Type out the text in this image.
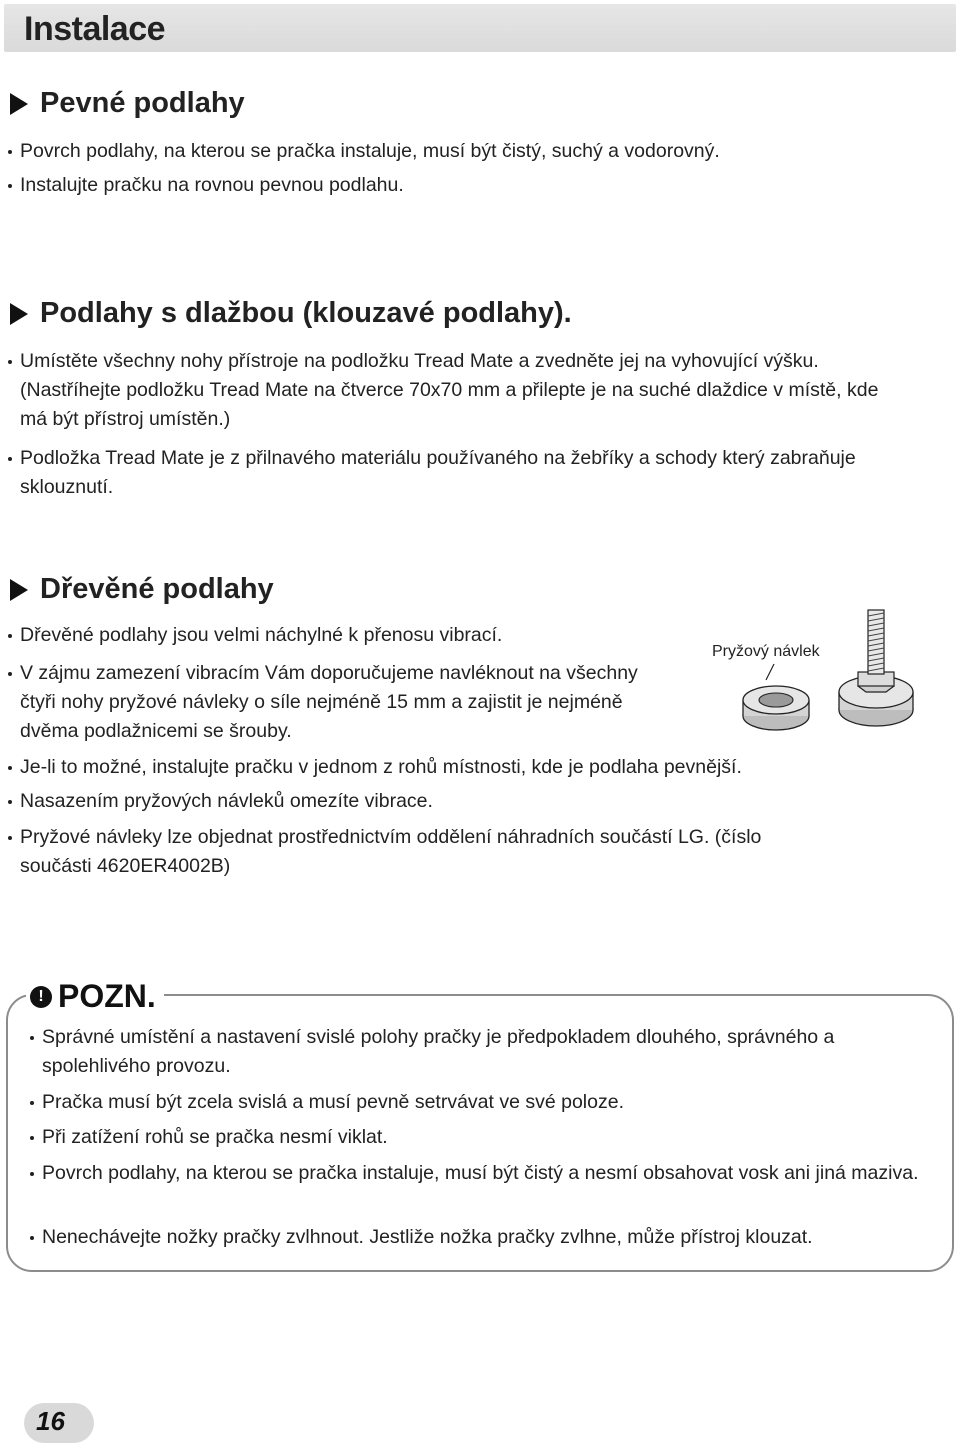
Instalace
Pevné podlahy
Povrch podlahy, na kterou se pračka instaluje, musí být čistý, suchý a vodorovný.
Instalujte pračku na rovnou pevnou podlahu.
Podlahy s dlažbou (klouzavé podlahy).
Umístěte všechny nohy přístroje na podložku Tread Mate a zvedněte jej na vyhovující výšku. (Nastříhejte podložku Tread Mate na čtverce 70x70 mm a přilepte je na suché dlaždice v místě, kde má být přístroj umístěn.)
Podložka Tread Mate je z přilnavého materiálu používaného na žebříky a schody který zabraňuje sklouznutí.
Dřevěné podlahy
Dřevěné podlahy jsou velmi náchylné k přenosu vibrací.
V zájmu zamezení vibracím Vám doporučujeme navléknout na všechny čtyři nohy pryžové návleky o síle nejméně 15 mm a zajistit je nejméně dvěma podlažnicemi se šrouby.
Je-li to možné, instalujte pračku v jednom z rohů místnosti, kde je podlaha pevnější.
Nasazením pryžových návleků omezíte vibrace.
Pryžové návleky lze objednat prostřednictvím oddělení náhradních součástí LG. (číslo součásti 4620ER4002B)
Pryžový návlek
! POZN.
Správné umístění a nastavení svislé polohy pračky je předpokladem dlouhého, správného a spolehlivého provozu.
Pračka musí být zcela svislá a musí pevně setrvávat ve své poloze.
Při zatížení rohů se pračka nesmí viklat.
Povrch podlahy, na kterou se pračka instaluje, musí být čistý a nesmí obsahovat vosk ani jiná maziva.
Nenechávejte nožky pračky zvlhnout. Jestliže nožka pračky zvlhne, může přístroj klouzat.
16
